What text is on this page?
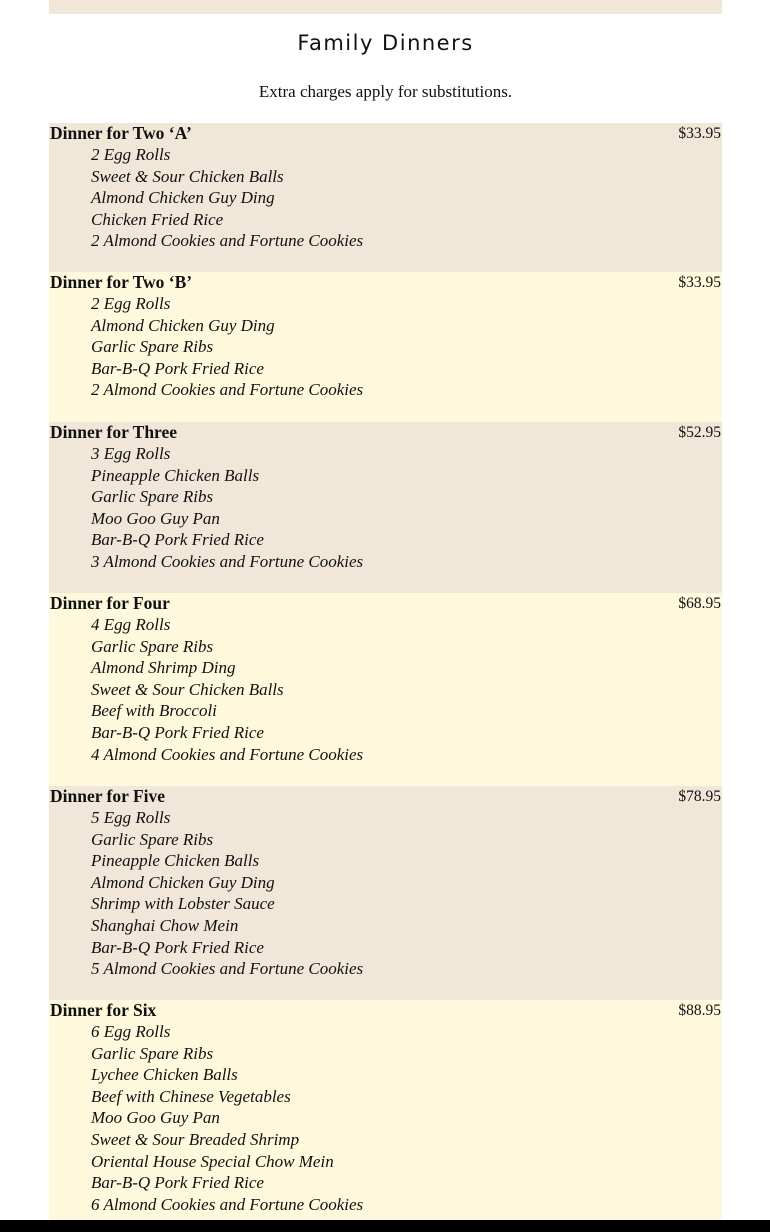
Family Dinners
Extra charges apply for substitutions.
Dinner for Two ‘A’	$33.95
2 Egg Rolls
Sweet & Sour Chicken Balls
Almond Chicken Guy Ding
Chicken Fried Rice
2 Almond Cookies and Fortune Cookies
Dinner for Two ‘B’	$33.95
2 Egg Rolls
Almond Chicken Guy Ding
Garlic Spare Ribs
Bar-B-Q Pork Fried Rice
2 Almond Cookies and Fortune Cookies
Dinner for Three	$52.95
3 Egg Rolls
Pineapple Chicken Balls
Garlic Spare Ribs
Moo Goo Guy Pan
Bar-B-Q Pork Fried Rice
3 Almond Cookies and Fortune Cookies
Dinner for Four	$68.95
4 Egg Rolls
Garlic Spare Ribs
Almond Shrimp Ding
Sweet & Sour Chicken Balls
Beef with Broccoli
Bar-B-Q Pork Fried Rice
4 Almond Cookies and Fortune Cookies
Dinner for Five	$78.95
5 Egg Rolls
Garlic Spare Ribs
Pineapple Chicken Balls
Almond Chicken Guy Ding
Shrimp with Lobster Sauce
Shanghai Chow Mein
Bar-B-Q Pork Fried Rice
5 Almond Cookies and Fortune Cookies
Dinner for Six	$88.95
6 Egg Rolls
Garlic Spare Ribs
Lychee Chicken Balls
Beef with Chinese Vegetables
Moo Goo Guy Pan
Sweet & Sour Breaded Shrimp
Oriental House Special Chow Mein
Bar-B-Q Pork Fried Rice
6 Almond Cookies and Fortune Cookies
